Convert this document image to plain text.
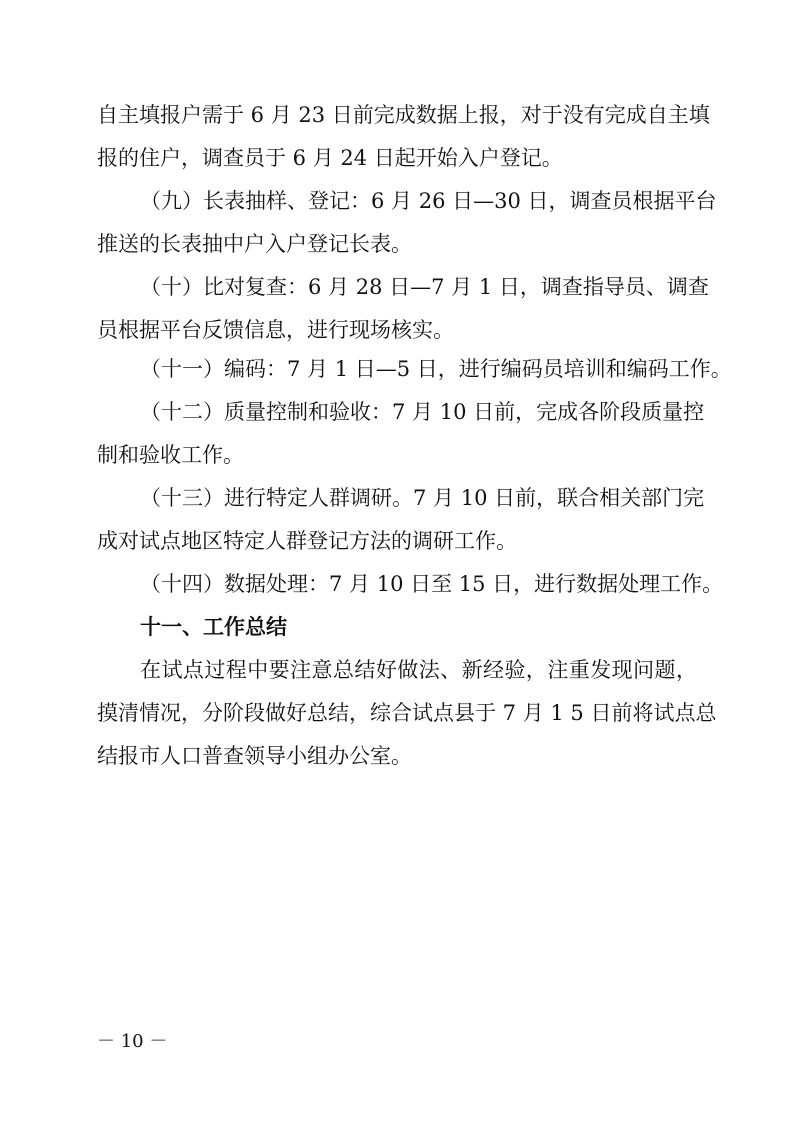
自主填报户需于 6 月 23 日前完成数据上报，对于没有完成自主填
报的住户，调查员于 6 月 24 日起开始入户登记。
（九）长表抽样、登记：6 月 26 日—30 日，调查员根据平台
推送的长表抽中户入户登记长表。
（十）比对复查：6 月 28 日—7 月 1 日，调查指导员、调查
员根据平台反馈信息，进行现场核实。
（十一）编码：7 月 1 日—5 日，进行编码员培训和编码工作。
（十二）质量控制和验收：7 月 10 日前，完成各阶段质量控
制和验收工作。
（十三）进行特定人群调研。7 月 10 日前，联合相关部门完
成对试点地区特定人群登记方法的调研工作。
（十四）数据处理：7 月 10 日至 15 日，进行数据处理工作。
十一、工作总结
在试点过程中要注意总结好做法、新经验，注重发现问题，
摸清情况，分阶段做好总结，综合试点县于 7 月 1 5 日前将试点总
结报市人口普查领导小组办公室。
－ 10 －
